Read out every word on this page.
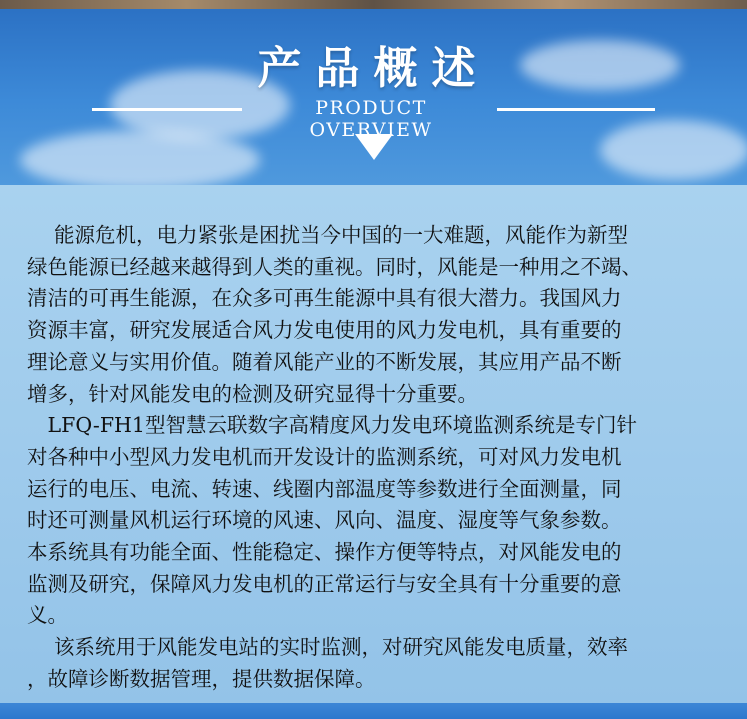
产品概述
PRODUCT OVERVIEW

　 能源危机，电力紧张是困扰当今中国的一大难题，风能作为新型
绿色能源已经越来越得到人类的重视。同时，风能是一种用之不竭、
清洁的可再生能源，在众多可再生能源中具有很大潜力。我国风力
资源丰富，研究发展适合风力发电使用的风力发电机，具有重要的
理论意义与实用价值。随着风能产业的不断发展，其应用产品不断
增多，针对风能发电的检测及研究显得十分重要。
　LFQ-FH1型智慧云联数字高精度风力发电环境监测系统是专门针
对各种中小型风力发电机而开发设计的监测系统，可对风力发电机
运行的电压、电流、转速、线圈内部温度等参数进行全面测量，同
时还可测量风机运行环境的风速、风向、温度、湿度等气象参数。
本系统具有功能全面、性能稳定、操作方便等特点，对风能发电的
监测及研究，保障风力发电机的正常运行与安全具有十分重要的意
义。
　 该系统用于风能发电站的实时监测，对研究风能发电质量，效率
，故障诊断数据管理，提供数据保障。
